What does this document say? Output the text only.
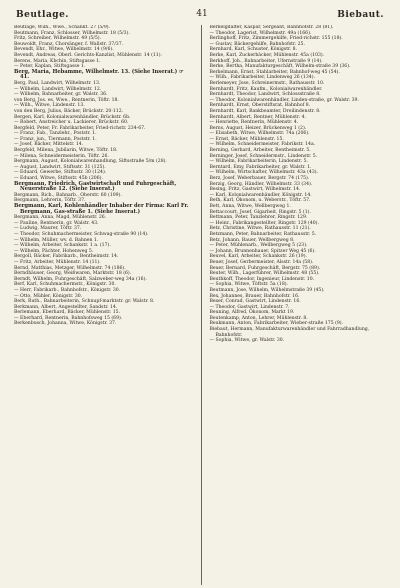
Beutlage.	41	Biebaut.

Beutlage, Wilh., Wwe., Schankt. 27 (5/9).

Beutmann, Franz, Schlosser, Wilhelmstr. 18 (5/3).

Fritz, Schreiber, Wilhelmstr. 49 (5/5).

Beuwoldt, Franz, Chorsänger, f. Wallstr. 37/37.

Bevendt, Ehr., Witwe, Wilhelmstr. 14 (9/6).

Bevendt, Andreas, Oberl. Gerichts-Kanzlist, Mühlenstr. 14 (11).

Berens, Maria, Kbchin, Stiftsgasse 1.

— Peter, Kaplan, Stiftsgasse 1.

Berg, Maria, Hebamme, Wilhelmstr. 13. (Siehe Inserat.) ☞ 41.

Berg, Paul, Landwirt, Wilhelmstr. 13.

— Wilhelm, Landwirt, Wilhelmstr. 12.

— Wilhelm, Bahnarbeiter, gr. Walstr. 36.

von Berg, Jos. es, Wwe., Rentnerin, Töftr. 18.

— Wilh., Witwe, Lindenstr. 13.

von den Berg, Julius, Bäcker, Brückstr. 20-112.

Bergen, Karl, Kolonialwarenhändler, Brückstr. 6b.

— Robert, Anstreicher u. Lackierer, Brückstr. 60.

Bergfeld, Peter, Fr. Fabrikarbeiter, Fried-richstr. 234-67.

— Franz, Fab., Tanzlehr., Poststr. 1.

— Franz, jun., Tiermann, Poststr. 1.

— Josef, Bäcker, Mittelstr. 14.

Bergfeld, Milena, Jubilarin, Witwe, Töftr. 18.

— Milena, Schneidermeisterin, Töftr. 26.

Bergmann, August, Kolonialwarenhandlung, Siftsstraße 5/m (28).

— August, Landwirt, Stiftsstr. 31 (125).

— Eduard, Gewerbe, Stiftsstr. 30 (124).

— Eduard, Witwe, Stiftsstr. 45b (206).

Bergmann, Friedrich, Gastwirtschaft und Fuhrgeschäft, Neuerstraße 12. (Siehe Inserat.)

Bergmann, Rich., Bahnarb., Oberstr. 60 (109).

Bergmann, Lehrerin, Töftr. 37.

Bergmann, Karl, Kohlenhändler Inhaber der Firma: Karl Fr. Bergmann, Gas-straße 1. (Siehe Inserat.)

Bergmann, Anna, Magd, Mühlenstr. 26.

— Pauline, Rentnerin, gr. Walstr. 43.

— Ludwig, Maurer, Töftr. 37.

— Theodor, Schuhmachermeister, Schwag-straße 90 (14).

— Wilhelm, Müller, wv. d. Bahnen 1.

— Wilhelm, Arbeiter, Schankstr. 1 a. (17).

— Wilhelm, Pächter, Hohenweg 5.

Bergoll, Bäcker, Fabrikarb., Bentheimstr. 14.

— Fritz, Arbeiter, Mühlenstr. 14 (11).

Bernd, Matthias, Metzger, Wilhelmstr. 74 (186).

Berndhäuser, Georg, Weißwaren, Marktstr. 18 (6).

Berndt, Wilhelm, Fuhrgeschäft, Salzweber-weg 34a (16).

Berf, Karl, Schuhmachermstr., Königstr. 30.

— Herr, Fabrikarb., Bahnhofstr., Königstr. 30.

— Otto, Mühler, Königstr. 30.

Berk, Ruth., Bahnarbeiterin, Schnupf-marktstr. gr. Walstr. 8.

Berkmann, Albert, Angestellter, Sandstr. 14.

Berlemann, Eberhard, Bäcker, Mühlenstr. 15.

— Eberhard, Rentnerin, Bahnhofsweg 15 (69).

Berkenbusch, Johanna, Witwe, Königstr. 37.

Berkelgdalter, Kaspar, Sergeant, Bahnhofstr. 28 (81).

— Theodor, Lagerist, Wilhelmstr. 49a (166).

Berlinghoff, Fritz, Zimmergehilfe, Fried-richstr. 155 (18).

— Gustav, Bäckergehilfe, Bahnhofstr. 25.

Bernhard, Karl, Schuster, Königstr. 8.

Berke, Karl, Zuckerbäcker, Mühlenstr. 45a (103).

Berkhoff, Joh., Bahnarbeiter, Ufernstraße 9 (14).

Berke, Bertha, Manufakturgeschäft, Wilhelm-straße 39 (36).

Berkelmann, Ernst, Stahlarbeiter, Bahnhof-weg 45 (54).

— Wilh., Fabrikarbeiter, Lindenweg 26 (134).

Berlemeyer, Jose, Schreinermstr., Rathausstr. 10.

Bernhardt, Fritz, Kaufm., Kolonialwarenhändler.

Bernhardt, Theodor, Landwirt, Schlossstraße 8.

— Theodor, Kolonialwarenhändler, Linden-straße, gr. Walstr. 39.

Bernhardt, Ernst, Oberstiftsrat, Bahnhof 8.

Bernhardt, Karl, Bankbeamter, Dreilindenstr. 8.

Bernhardt, Albert, Rentner, Mühlenstr. 4.

— Henriette, Rentnerin, Mühlenstr. 4.

Berns, August, Heizer, Brückenweg 1 (2).

— Elisabeth, Witwe, Wilhelmstr. 74a (206).

— Ernst, Bäcker, Mühlenstr. 15.

— Wilhelm, Schneidermeister, Fabrikstr. 14a.

Berning, Gerhard, Arbeiter, Bentheimstr. 5.

Berninger, Josef, Schneidermstr., Lindenstr. 5.

— Wilhelm, Fabrikarbeiterin, Lindenstr. 5.

Berntard, Emy, Fabrikarbeiter, gr. Walstr. 1.

— Wilhelm, Wirtschafter, Wilhelmstr. 43a (43).

Berz, Josef, Weberbauer, Bergstr. 74 (175).

Berzig, Georg, Händler, Wilhelmstr. 33 (34).

Besing, Fritz, Gastwirt, Wilhelmstr. 14.

— Karl, Kolonialwarenhändler, Königstr. 14.

Beth, Karl, Ökonom, u. Weberstr., Töftr. 57.

Bett, Anna, Witwe, Wellbergweg 1.

Bettaccourt, Josef, Gigarbeit, Ringstr. 5 (1).

Bettmann, Peter, Tanzlehrer, Ringstr. 129.

— Heinr., Fabrikangestellter, Ringstr. 129 (40).

Betz, Christine, Witwe, Rathausstr. 11 (21).

Betzmann, Peter, Bahnarbeiter, Rathausstr. 5.

Betz, Johann, Bauer, Wellbergweg 8.

— Peter, Mühlenarb., Wellbergweg 5 (23).

— Johann, Brunnenhauer, Spitzer Weg 45 (6).

Beuvel, Karl, Arbeiter, Schankstr. 26 (19).

Beuer, Josef, Gerbermeister, Alsstr. 14a (58).

Beuer, Bernard, Fuhrgeschäft, Bergstr. 75 (89).

Beuter, Wilh., Lagerführer, Wilhelmstr. 48 (55).

Beuthkoff, Theodor, Ingenieur, Lindenstr. 10.

— Sophia, Witwe, Töftstr. 5a (18).

Beutmann, Jose, Wilhelm, Wilhelmstraße 39 (45).

Bex, Johannes, Brauer, Bahnhofstr. 16.

Bexer, Conrad, Gastwirt, Lindenstr. 16.

— Theodor, Gastwirt, Lindenstr. 7.

Beuning, Alfred, Ökonom, Markt 19.

Beutenkamp, Anton, Lehrer, Mühlenstr. 8.

Beukmann, Anton, Fabrikarbeiter, Wieber-straße 175 (9).

Biebaut, Hermann, Manufakturwarenhändler und Fahrradhandlung, Bahnhofstr.

— Sophia, Witwe, gr. Walstr. 30.
